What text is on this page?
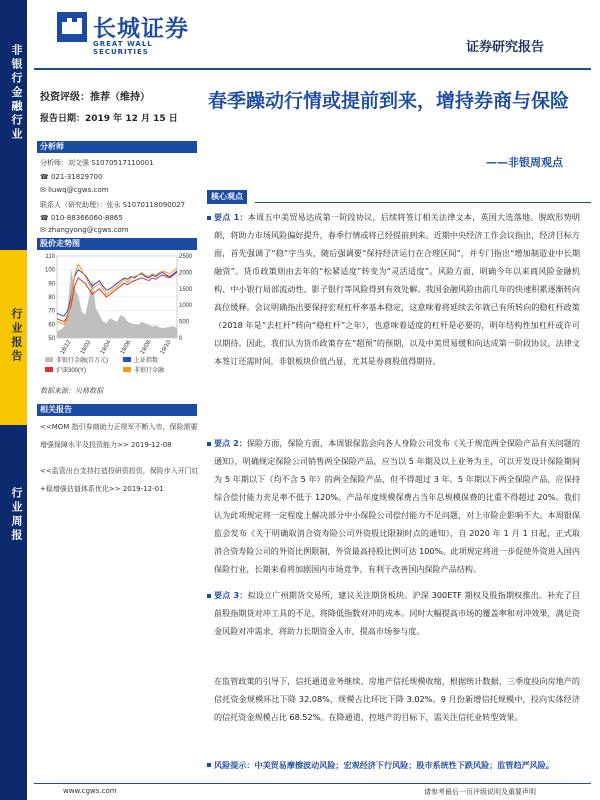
非银行金融行业
行业报告
行业周报
长城证券
GREAT WALL SECURITIES	证券研究报告
投资评级：推荐（维持）
报告日期：2019 年 12 月 15 日
春季躁动行情或提前到来，增持券商与保险
——非银周观点
分析师
分析师：刘文强 S1070517110001
☎ 021-31829700
✉ liuwq@cgws.com
联系人（研究助理）：张永 S1070118090027
☎ 010-88366060-8865
✉ zhangyong@cgws.com
股价走势图
110
100
90
80
70
60
50
2500
2000
1500
1000
500
0
18/12 19/02 19/04 19/06 19/08 19/10
非银行金融(百万元)	上证指数
沪深300(Y)	非银行金融
数据来源：贝格数据
相关报告
<<MOM 指引券商助力正规军不断入市，保险需要增强保障水平及投资能力>> 2019-12-08
<<监管出台支持打造投研资投资，保险步入开门红+稳增强估值体系优化>> 2019-12-01
核心观点
要点 1：本周五中美贸易达成第一阶段协议，后续将签订相关法律文本，英国大选落地。脱欧形势明朗，将助力市场风险偏好提升，春季行情或将已经提前到来。近期中央经济工作会议指出，经济目标方面，首先强调了“稳”字当头，随后强调要“保持经济运行在合理区间”，并专门指出“增加制造业中长期融资”。货币政策则由去年的“松紧适度”转变为“灵活适度”。风险方面，明确今年以来商风险金融机构、中小银行局部流动性、影子银行等风险得到有效处解。我国金融风险由前几年的快速积累逐渐转向高位缓释。会议明确指出要保持宏观杠杆率基本稳定，这意味着将延续去年就已有所转向的稳杠杆政策（2018 年是“去杠杆”转向“稳杠杆”之年），也意味着适度的杠杆是必要的，明年结构性加杠杆或许可以期待。因此，我们认为货币政策存在“超预”的预期，以及中美贸易缓和向达成第一阶段协议，法律文本签订还需时间，非银板块价值凸显，尤其是券商股值得期待。
要点 2：保险方面，保险方面，本周银保监会向各人身险公司发布《关于规范两全保险产品有关问题的通知》，明确规定保险公司销售两全保险产品，应当以 5 年期及以上业务为主，可以开发设计保险期间为 5 年期以下（均不含 5 年）的两全保险产品，但不得超过 3 年。5 年期以下两全保险产品，应保持综合偿付能力充足率不低于 120%。产品年度规模保费占当年总规模保费的比重不得超过 20%。我们认为此项规定将一定程度上解决部分中小保险公司偿付能力不足问题，对上市险企影响不大。本周银保监会发布《关于明确取消合资寿险公司外资股比限制时点的通知》，自 2020 年 1 月 1 日起，正式取消合资寿险公司的外资比例限制，外资最高持股比例可达 100%。此项规定将进一步促使外资进入国内保险行业，长期来看将加剧国内市场竞争，有利于改善国内保险产品结构。
要点 3：拟设立广州期货交易所，建议关注期货板块。沪深 300ETF 期权及股指期权推出。补充了目前股指期货对冲工具的不足，将降低指数对冲的成本。同时大幅提高市场的覆盖率和对冲效果，满足资金风险对冲需求，将助力长期资金入市，提高市场参与度。
在监管政策的引导下，信托通道业务继续、房地产信托规模收缩，根据统计数据，三季度投向房地产的信托资金规模环比下降 32.08%，规模占比环比下降 3.02%。9 月份新增信托规模中，投向实体经济的信托资金规模占比 68.52%。在降通道、控地产的目标下，需关注信托业转型效果。
风险提示：中美贸易摩擦波动风险；宏观经济下行风险；股市系统性下跌风险；监管趋严风险。
www.cgws.com	请参考最后一页评级说明及重要声明
